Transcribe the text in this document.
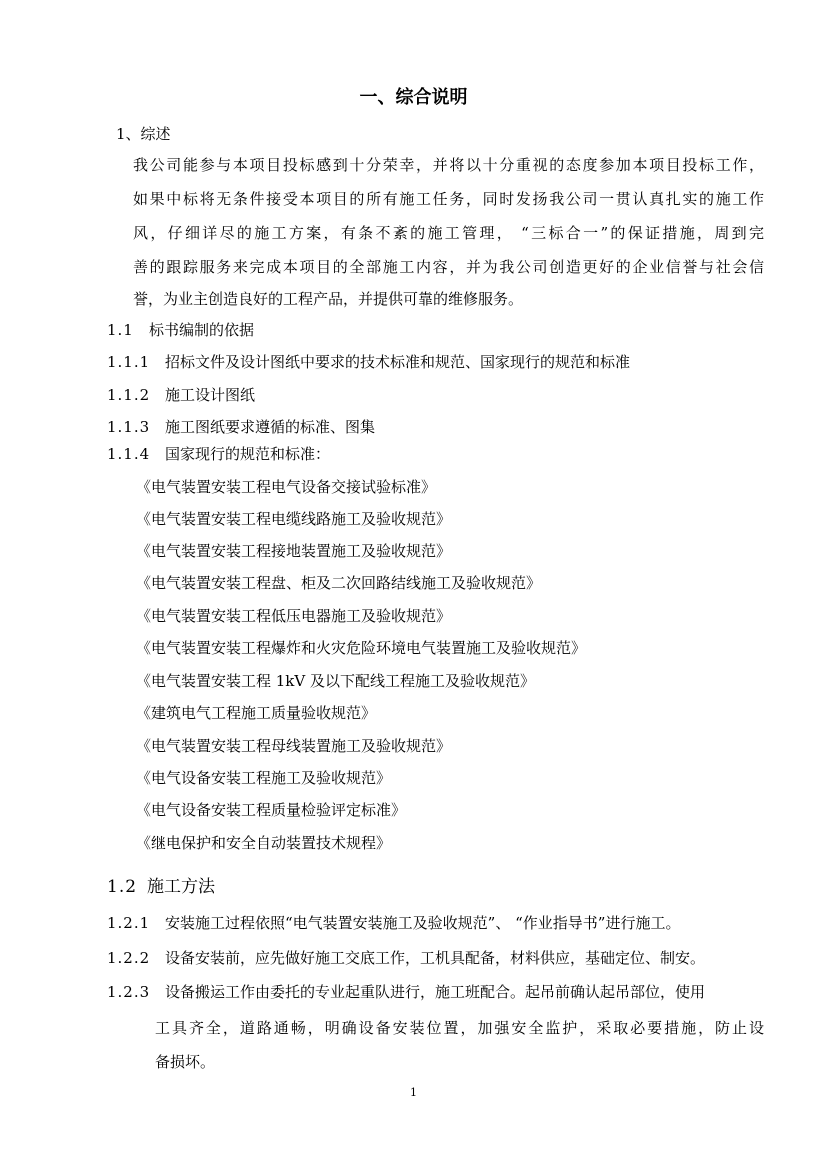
一、综合说明
1、综述
我公司能参与本项目投标感到十分荣幸，并将以十分重视的态度参加本项目投标工作，
如果中标将无条件接受本项目的所有施工任务，同时发扬我公司一贯认真扎实的施工作
风，仔细详尽的施工方案，有条不紊的施工管理， “三标合一”的保证措施，周到完
善的跟踪服务来完成本项目的全部施工内容，并为我公司创造更好的企业信誉与社会信
誉，为业主创造良好的工程产品，并提供可靠的维修服务。
1.1 标书编制的依据
1.1.1 招标文件及设计图纸中要求的技术标准和规范、国家现行的规范和标准
1.1.2 施工设计图纸
1.1.3 施工图纸要求遵循的标准、图集
1.1.4 国家现行的规范和标准：
《电气装置安装工程电气设备交接试验标准》
《电气装置安装工程电缆线路施工及验收规范》
《电气装置安装工程接地装置施工及验收规范》
《电气装置安装工程盘、柜及二次回路结线施工及验收规范》
《电气装置安装工程低压电器施工及验收规范》
《电气装置安装工程爆炸和火灾危险环境电气装置施工及验收规范》
《电气装置安装工程 1kV 及以下配线工程施工及验收规范》
《建筑电气工程施工质量验收规范》
《电气装置安装工程母线装置施工及验收规范》
《电气设备安装工程施工及验收规范》
《电气设备安装工程质量检验评定标准》
《继电保护和安全自动装置技术规程》
1.2 施工方法
1.2.1 安装施工过程依照“电气装置安装施工及验收规范”、 “作业指导书”进行施工。
1.2.2 设备安装前，应先做好施工交底工作，工机具配备，材料供应，基础定位、制安。
1.2.3 设备搬运工作由委托的专业起重队进行，施工班配合。起吊前确认起吊部位，使用
工具齐全，道路通畅，明确设备安装位置，加强安全监护，采取必要措施，防止设
备损坏。
1
